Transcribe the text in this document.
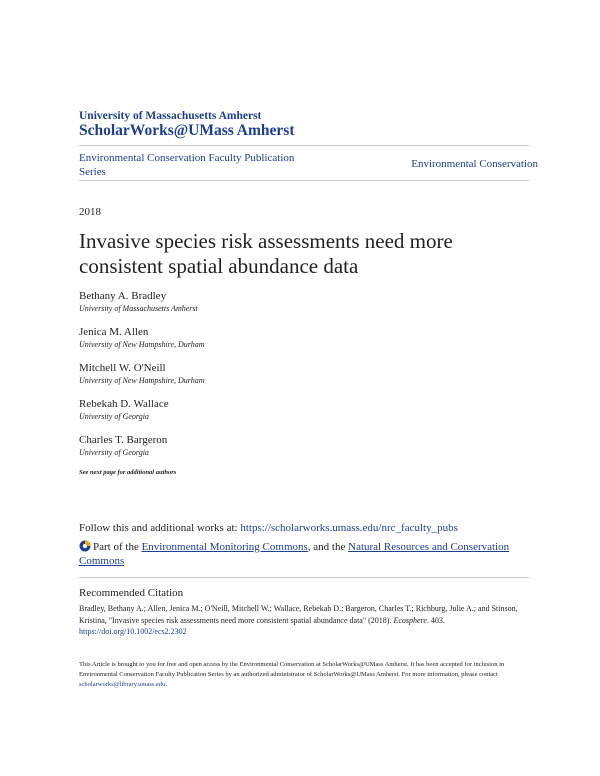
University of Massachusetts Amherst
ScholarWorks@UMass Amherst
Environmental Conservation Faculty Publication Series
Environmental Conservation
2018
Invasive species risk assessments need more consistent spatial abundance data
Bethany A. Bradley
University of Massachusetts Amherst
Jenica M. Allen
University of New Hampshire, Durham
Mitchell W. O'Neill
University of New Hampshire, Durham
Rebekah D. Wallace
University of Georgia
Charles T. Bargeron
University of Georgia
See next page for additional authors
Follow this and additional works at: https://scholarworks.umass.edu/nrc_faculty_pubs
Part of the Environmental Monitoring Commons, and the Natural Resources and Conservation Commons
Recommended Citation
Bradley, Bethany A.; Allen, Jenica M.; O'Neill, Mitchell W.; Wallace, Rebekah D.; Bargeron, Charles T.; Richburg, Julie A.; and Stinson, Kristina, "Invasive species risk assessments need more consistent spatial abundance data" (2018). Ecosphere. 403.
https://doi.org/10.1002/ecs2.2302
This Article is brought to you for free and open access by the Environmental Conservation at ScholarWorks@UMass Amherst. It has been accepted for inclusion in Environmental Conservation Faculty Publication Series by an authorized administrator of ScholarWorks@UMass Amherst. For more information, please contact scholarworks@library.umass.edu.
